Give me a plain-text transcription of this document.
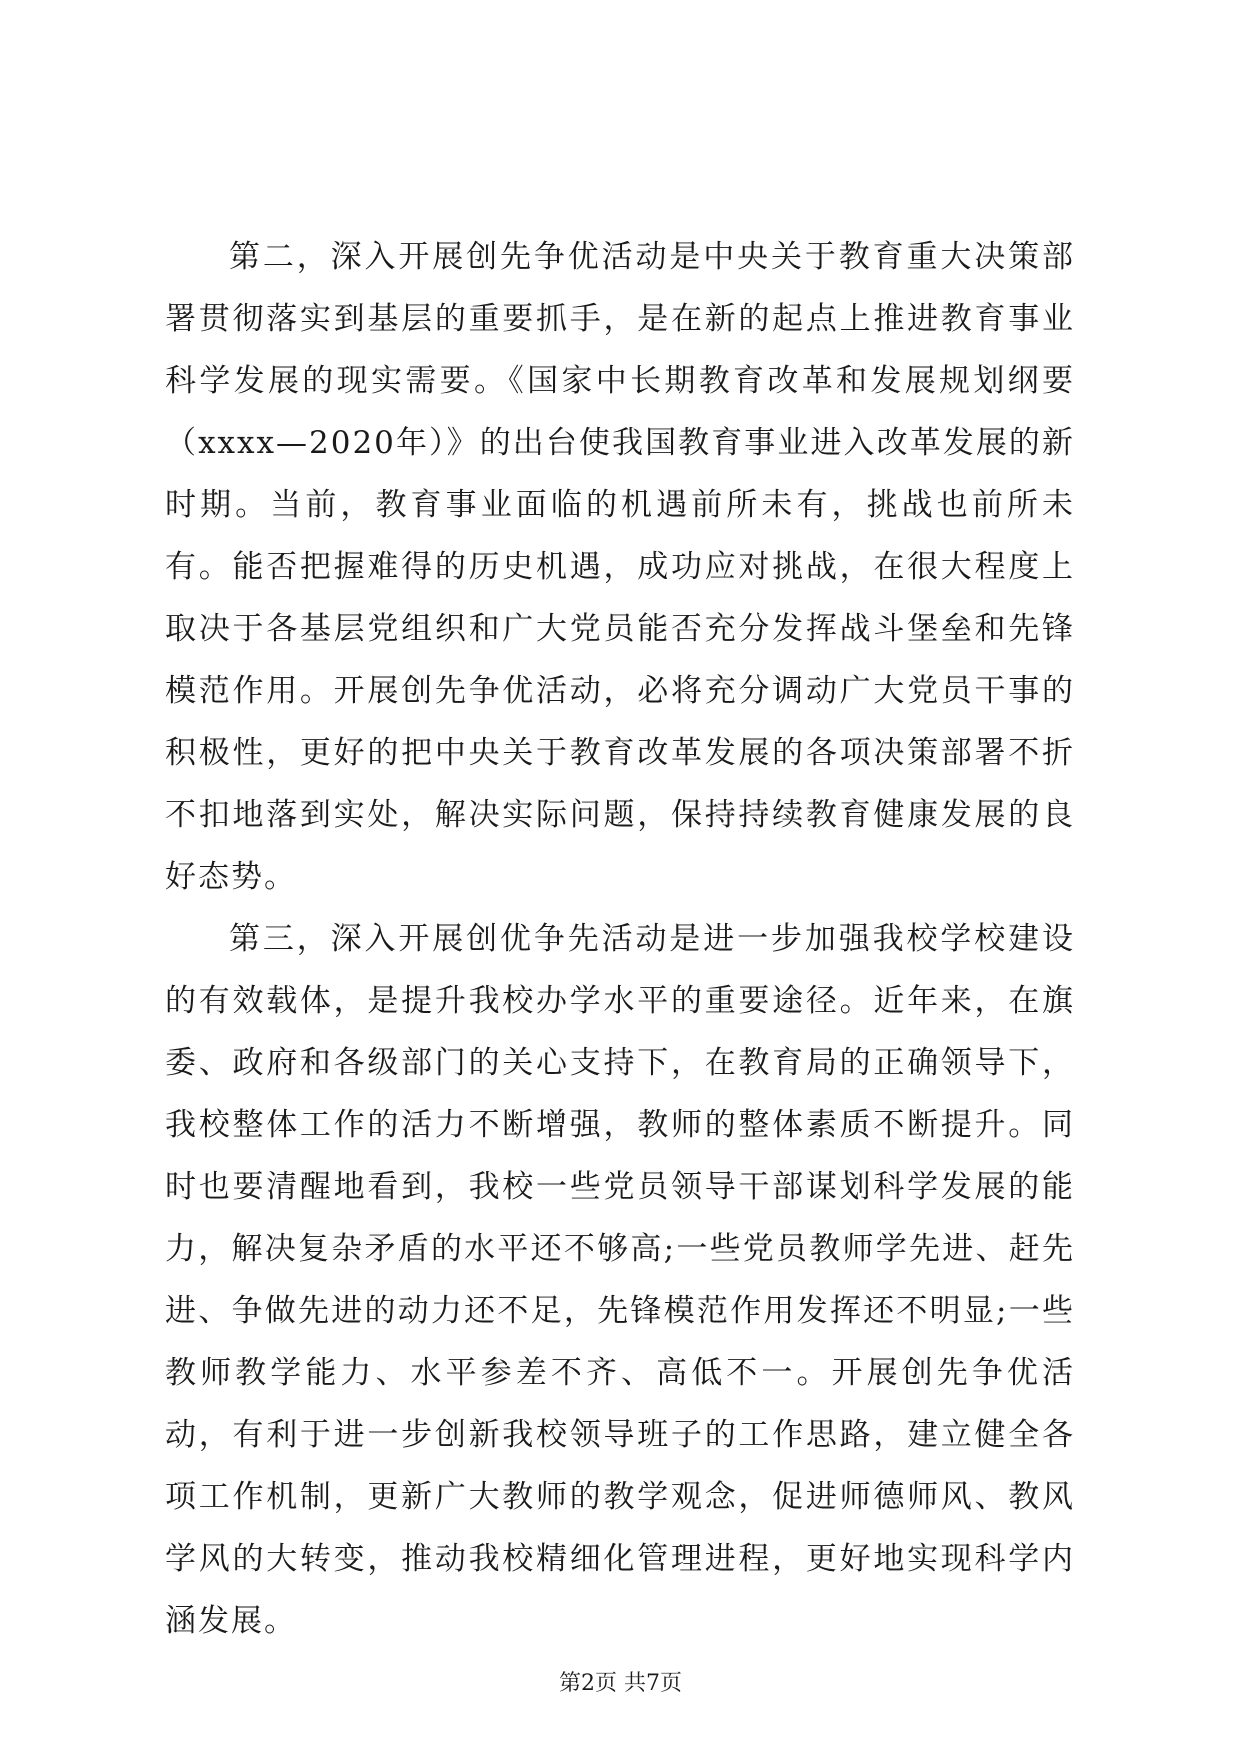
第二，深入开展创先争优活动是中央关于教育重大决策部署贯彻落实到基层的重要抓手，是在新的起点上推进教育事业科学发展的现实需要。《国家中长期教育改革和发展规划纲要（xxxx—2020年）》的出台使我国教育事业进入改革发展的新时期。当前，教育事业面临的机遇前所未有，挑战也前所未有。能否把握难得的历史机遇，成功应对挑战，在很大程度上取决于各基层党组织和广大党员能否充分发挥战斗堡垒和先锋模范作用。开展创先争优活动，必将充分调动广大党员干事的积极性，更好的把中央关于教育改革发展的各项决策部署不折不扣地落到实处，解决实际问题，保持持续教育健康发展的良好态势。

第三，深入开展创优争先活动是进一步加强我校学校建设的有效载体，是提升我校办学水平的重要途径。近年来，在旗委、政府和各级部门的关心支持下，在教育局的正确领导下，我校整体工作的活力不断增强，教师的整体素质不断提升。同时也要清醒地看到，我校一些党员领导干部谋划科学发展的能力，解决复杂矛盾的水平还不够高;一些党员教师学先进、赶先进、争做先进的动力还不足，先锋模范作用发挥还不明显;一些教师教学能力、水平参差不齐、高低不一。开展创先争优活动，有利于进一步创新我校领导班子的工作思路，建立健全各项工作机制，更新广大教师的教学观念，促进师德师风、教风学风的大转变，推动我校精细化管理进程，更好地实现科学内涵发展。

第2页 共7页
